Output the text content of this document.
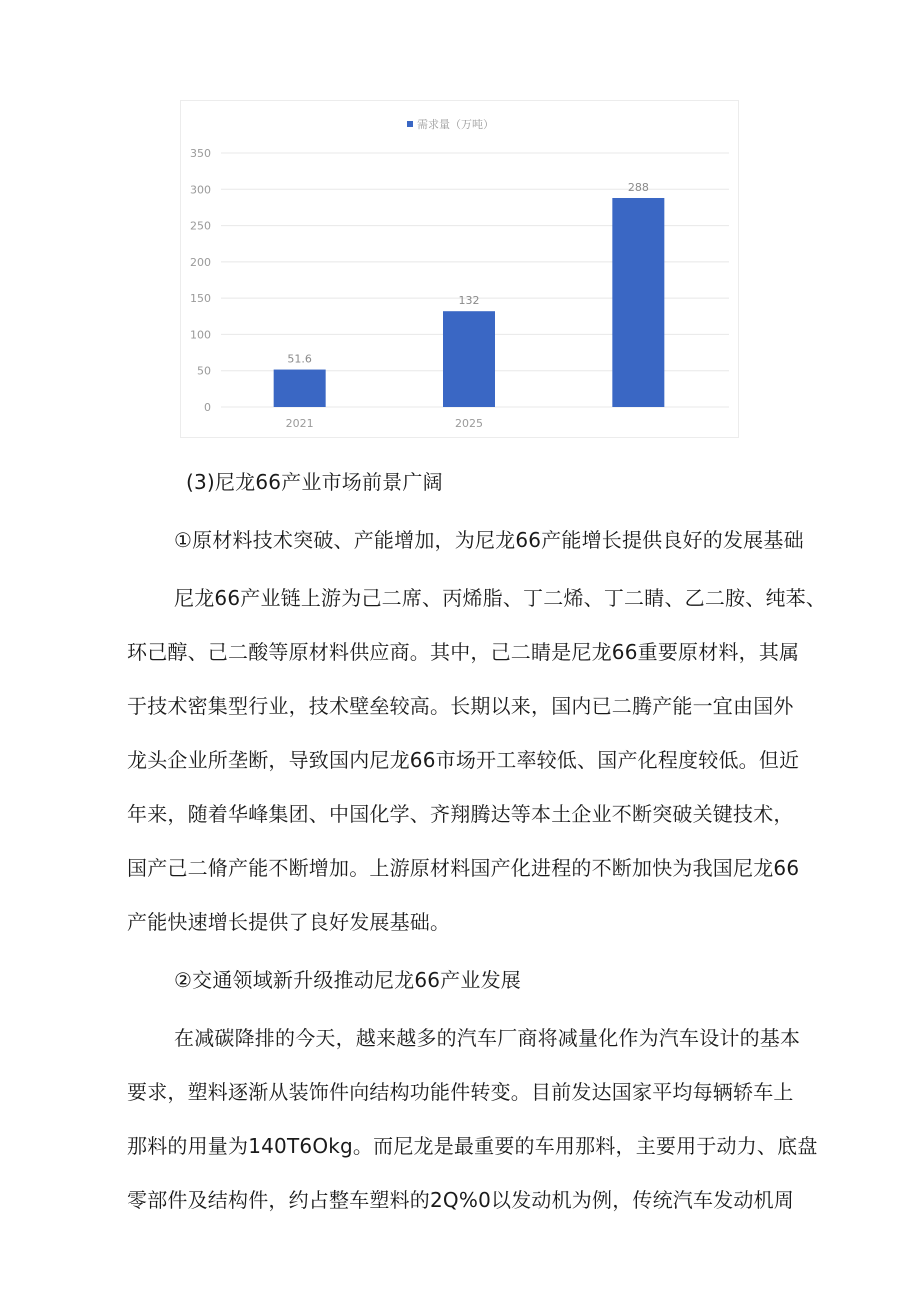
需求量（万吨）
0
50
100
150
200
250
300
350
51.6
2021
132
2025
288
(3)尼龙66产业市场前景广阔
①原材料技术突破、产能增加，为尼龙66产能增长提供良好的发展基础
尼龙66产业链上游为己二席、丙烯脂、丁二烯、丁二睛、乙二胺、纯苯、
环己醇、己二酸等原材料供应商。其中，己二睛是尼龙66重要原材料，其属
于技术密集型行业，技术壁垒较高。长期以来，国内已二腾产能一宜由国外
龙头企业所垄断，导致国内尼龙66市场开工率较低、国产化程度较低。但近
年来，随着华峰集团、中国化学、齐翔腾达等本土企业不断突破关键技术，
国产己二脩产能不断增加。上游原材料国产化进程的不断加快为我国尼龙66
产能快速增长提供了良好发展基础。
②交通领域新升级推动尼龙66产业发展
在减碳降排的今天，越来越多的汽车厂商将减量化作为汽车设计的基本
要求，塑料逐渐从装饰件向结构功能件转变。目前发达国家平均每辆轿车上
那料的用量为140T6Okg。而尼龙是最重要的车用那料，主要用于动力、底盘
零部件及结构件，约占整车塑料的2Q%0以发动机为例，传统汽车发动机周
